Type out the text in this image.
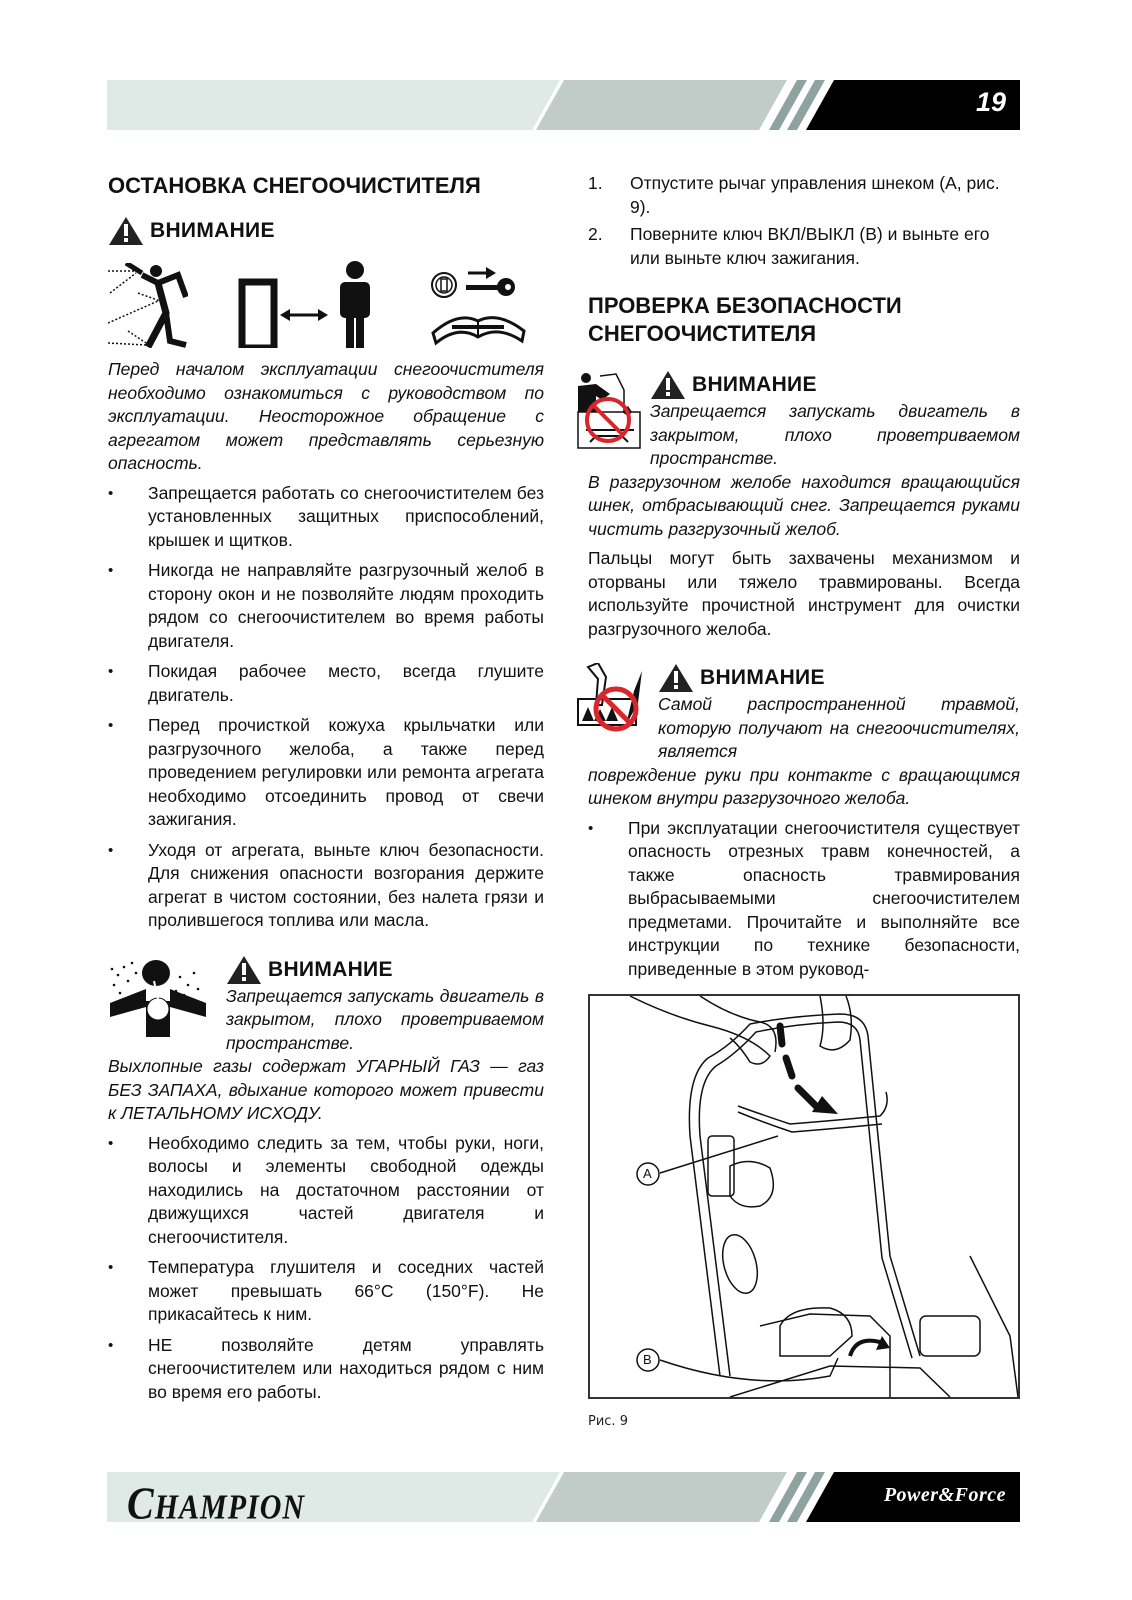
19
ОСТАНОВКА СНЕГООЧИСТИТЕЛЯ
ВНИМАНИЕ

Перед началом эксплуатации снегоочистителя необходимо ознакомиться с руководством по эксплуатации. Неосторожное обращение с агрегатом может представлять серьезную опасность.

• Запрещается работать со снегоочистителем без установленных защитных приспособлений, крышек и щитков.
• Никогда не направляйте разгрузочный желоб в сторону окон и не позволяйте людям проходить рядом со снегоочистителем во время работы двигателя.
• Покидая рабочее место, всегда глушите двигатель.
• Перед прочисткой кожуха крыльчатки или разгрузочного желоба, а также перед проведением регулировки или ремонта агрегата необходимо отсоединить провод от свечи зажигания.
• Уходя от агрегата, выньте ключ безопасности. Для снижения опасности возгорания держите агрегат в чистом состоянии, без налета грязи и пролившегося топлива или масла.
ВНИМАНИЕ

Запрещается запускать двигатель в закрытом, плохо проветриваемом пространстве.

Выхлопные газы содержат УГАРНЫЙ ГАЗ — газ БЕЗ ЗАПАХА, вдыхание которого может привести к ЛЕТАЛЬНОМУ ИСХОДУ.

• Необходимо следить за тем, чтобы руки, ноги, волосы и элементы свободной одежды находились на достаточном расстоянии от движущихся частей двигателя и снегоочистителя.
• Температура глушителя и соседних частей может превышать 66°С (150°F). Не прикасайтесь к ним.
• НЕ позволяйте детям управлять снегоочистителем или находиться рядом с ним во время его работы.
1. Отпустите рычаг управления шнеком (А, рис. 9).
2. Поверните ключ ВКЛ/ВЫКЛ (В) и выньте его или выньте ключ зажигания.
ПРОВЕРКА БЕЗОПАСНОСТИ СНЕГООЧИСТИТЕЛЯ
ВНИМАНИЕ

Запрещается запускать двигатель в закрытом, плохо проветриваемом пространстве.

В разгрузочном желобе находится вращающийся шнек, отбрасывающий снег. Запрещается руками чистить разгрузочный желоб.

Пальцы могут быть захвачены механизмом и оторваны или тяжело травмированы. Всегда используйте прочистной инструмент для очистки разгрузочного желоба.

ВНИМАНИЕ

Самой распространенной травмой, которую получают на снегоочистителях, является

повреждение руки при контакте с вращающимся шнеком внутри разгрузочного желоба.

• При эксплуатации снегоочистителя существует опасность отрезных травм конечностей, а также опасность травмирования выбрасываемыми снегоочистителем предметами. Прочитайте и выполняйте все инструкции по технике безопасности, приведенные в этом руковод-
A
B
Рис. 9
CHAMPION	Power&Force
